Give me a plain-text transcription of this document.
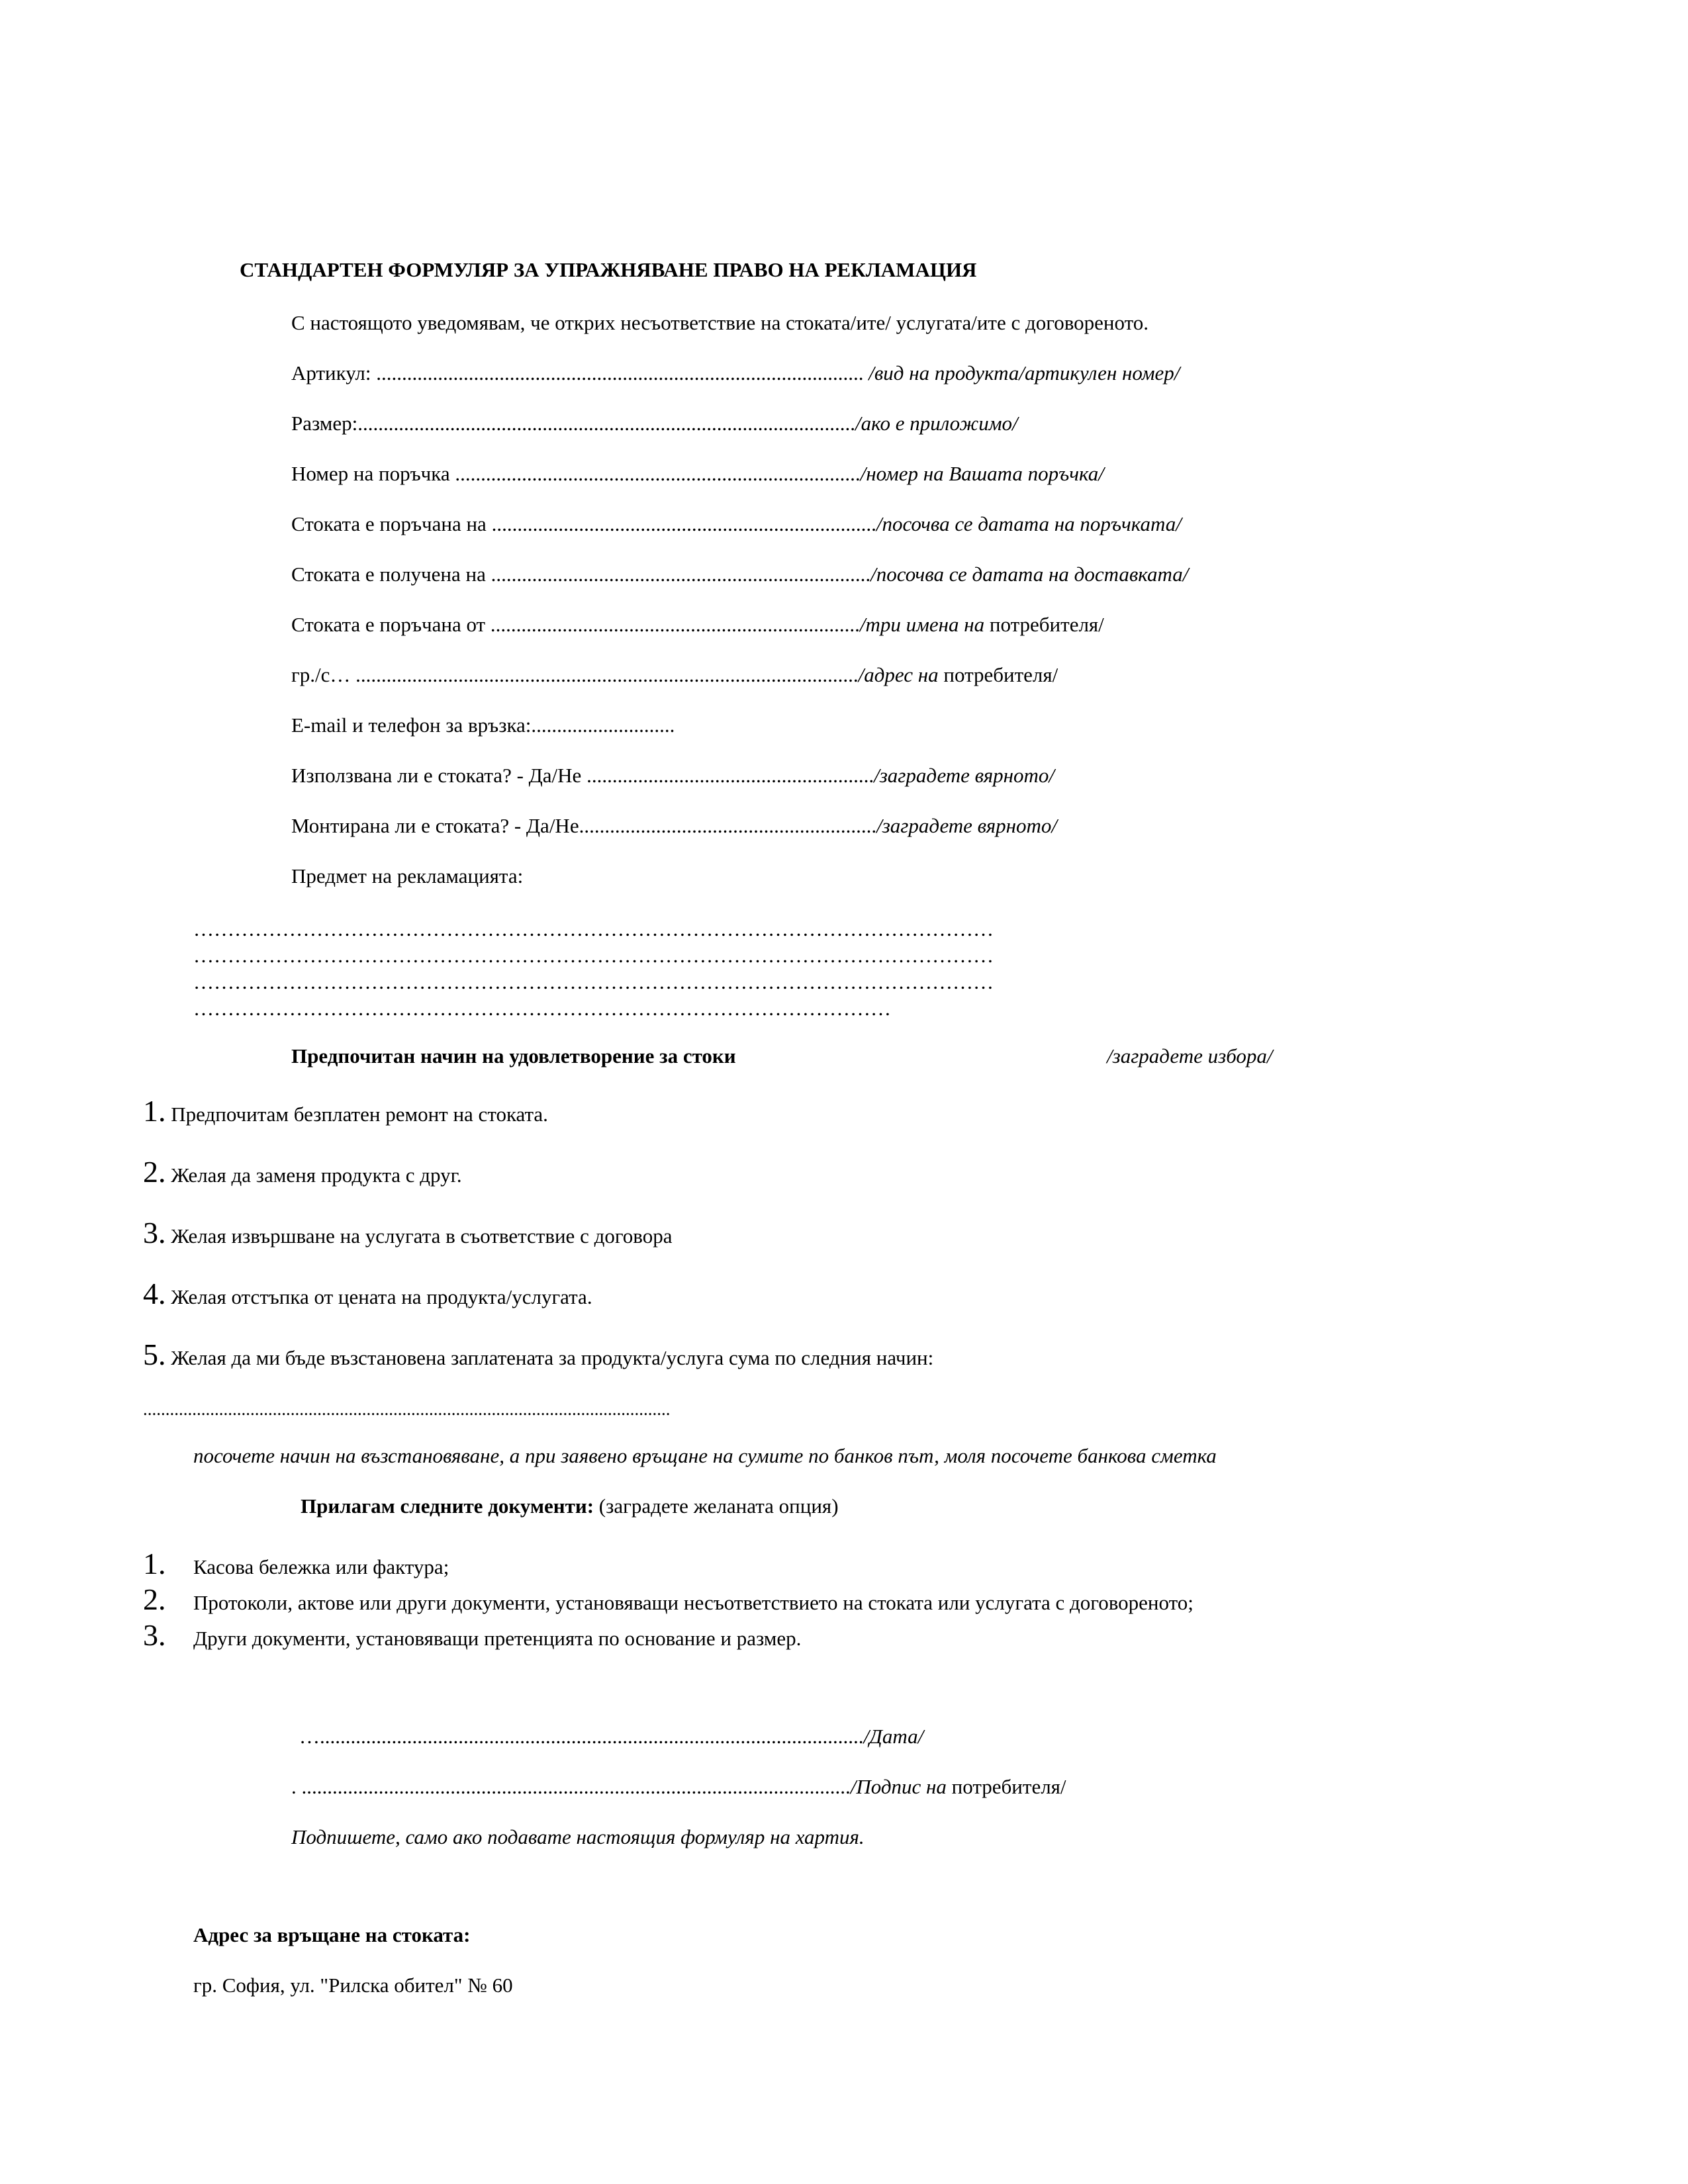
СТАНДАРТЕН ФОРМУЛЯР ЗА УПРАЖНЯВАНЕ ПРАВО НА РЕКЛАМАЦИЯ
С настоящото уведомявам, че открих несъответствие на стоката/ите/ услугата/ите с договореното.
Артикул: ............................................................................................... /вид на продукта/артикулен номер/
Размер:................................................................................................./ако е приложимо/
Номер на поръчка .............................................................................../номер на Вашата поръчка/
Стоката е поръчана на .........................................................................../посочва се датата на поръчката/
Стоката е получена на ........................................................................../посочва се датата на доставката/
Стоката е поръчана от ......................................................................../три имена на потребителя/
гр./с… ................................................................................................../адрес на потребителя/
E-mail и телефон за връзка:............................
Използвана ли е стоката? - Да/Не ......................................................../заградете вярното/
Монтирана ли е стоката? - Да/Не........................................................../заградете вярното/
Предмет на рекламацията:
………………………………………………………………………………………………………
………………………………………………………………………………………………………
………………………………………………………………………………………………………
…………………………………………………………………………………………
Предпочитан начин на удовлетворение за стоки	/заградете избора/
1. Предпочитам безплатен ремонт на стоката.
2. Желая да заменя продукта с друг.
3. Желая извършване на услугата в съответствие с договора
4. Желая отстъпка от цената на продукта/услугата.
5. Желая да ми бъде възстановена заплатената за продукта/услуга сума по следния начин:
......................................................................................................................
посочете начин на възстановяване, а при заявено връщане на сумите по банков път, моля посочете банкова сметка
Прилагам следните документи: (заградете желаната опция)
1. Касова бележка или фактура;
2. Протоколи, актове или други документи, установяващи несъответствието на стоката или услугата с договореното;
3. Други документи, установяващи претенцията по основание и размер.
…........................................................................................................../Дата/
. .........................................................................................................../Подпис на потребителя/
Подпишете, само ако подавате настоящия формуляр на хартия.
Адрес за връщане на стоката:
гр. София, ул. "Рилска обител" № 60
